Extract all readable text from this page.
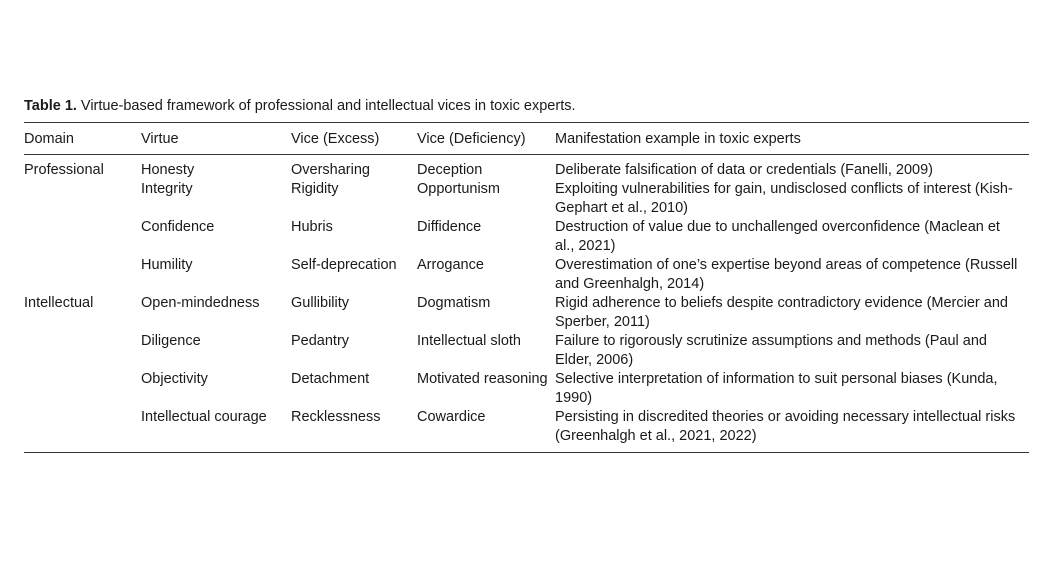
Table 1. Virtue-based framework of professional and intellectual vices in toxic experts.
Domain	Virtue	Vice (Excess)	Vice (Deficiency)	Manifestation example in toxic experts
Professional	Honesty	Oversharing	Deception	Deliberate falsification of data or credentials (Fanelli, 2009)
	Integrity	Rigidity	Opportunism	Exploiting vulnerabilities for gain, undisclosed conflicts of interest (Kish-Gephart et al., 2010)
	Confidence	Hubris	Diffidence	Destruction of value due to unchallenged overconfidence (Maclean et al., 2021)
	Humility	Self-deprecation	Arrogance	Overestimation of one’s expertise beyond areas of competence (Russell and Greenhalgh, 2014)
Intellectual	Open-mindedness	Gullibility	Dogmatism	Rigid adherence to beliefs despite contradictory evidence (Mercier and Sperber, 2011)
	Diligence	Pedantry	Intellectual sloth	Failure to rigorously scrutinize assumptions and methods (Paul and Elder, 2006)
	Objectivity	Detachment	Motivated reasoning	Selective interpretation of information to suit personal biases (Kunda, 1990)
	Intellectual courage	Recklessness	Cowardice	Persisting in discredited theories or avoiding necessary intellectual risks (Greenhalgh et al., 2021, 2022)
